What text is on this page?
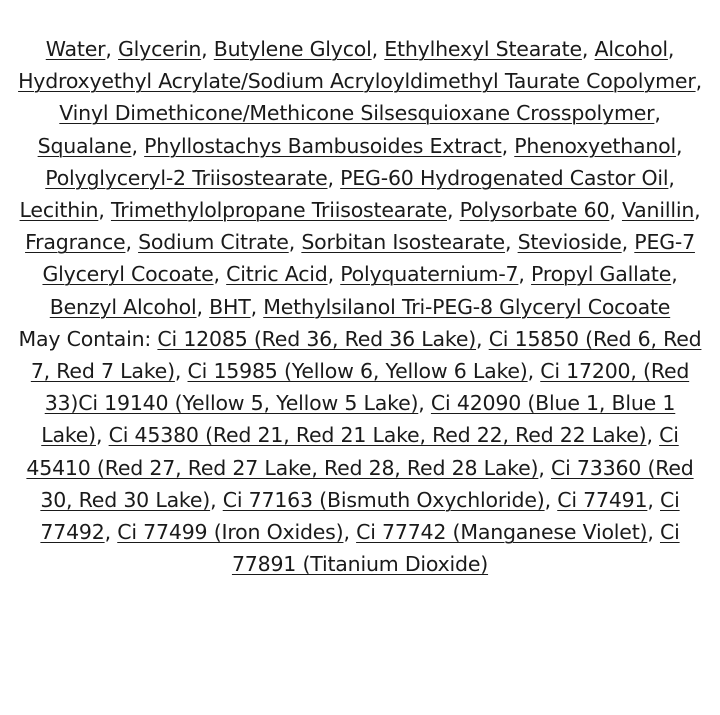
Water, Glycerin, Butylene Glycol, Ethylhexyl Stearate, Alcohol, Hydroxyethyl Acrylate/Sodium Acryloyldimethyl Taurate Copolymer, Vinyl Dimethicone/Methicone Silsesquioxane Crosspolymer, Squalane, Phyllostachys Bambusoides Extract, Phenoxyethanol, Polyglyceryl-2 Triisostearate, PEG-60 Hydrogenated Castor Oil, Lecithin, Trimethylolpropane Triisostearate, Polysorbate 60, Vanillin, Fragrance, Sodium Citrate, Sorbitan Isostearate, Stevioside, PEG-7 Glyceryl Cocoate, Citric Acid, Polyquaternium-7, Propyl Gallate, Benzyl Alcohol, BHT, Methylsilanol Tri-PEG-8 Glyceryl Cocoate
May Contain: Ci 12085 (Red 36, Red 36 Lake), Ci 15850 (Red 6, Red 7, Red 7 Lake), Ci 15985 (Yellow 6, Yellow 6 Lake), Ci 17200, (Red 33)Ci 19140 (Yellow 5, Yellow 5 Lake), Ci 42090 (Blue 1, Blue 1 Lake), Ci 45380 (Red 21, Red 21 Lake, Red 22, Red 22 Lake), Ci 45410 (Red 27, Red 27 Lake, Red 28, Red 28 Lake), Ci 73360 (Red 30, Red 30 Lake), Ci 77163 (Bismuth Oxychloride), Ci 77491, Ci 77492, Ci 77499 (Iron Oxides), Ci 77742 (Manganese Violet), Ci 77891 (Titanium Dioxide)
